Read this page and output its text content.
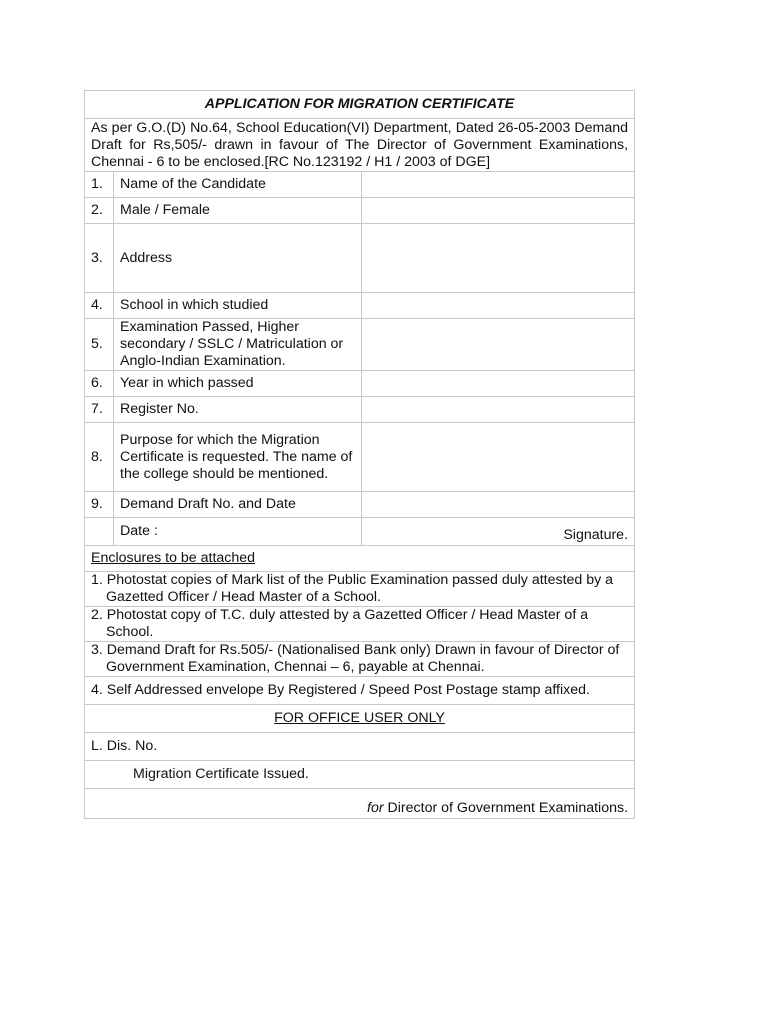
APPLICATION FOR MIGRATION CERTIFICATE		
As per G.O.(D) No.64, School Education(VI) Department, Dated 26-05-2003 Demand Draft for Rs,505/- drawn in favour of The Director of Government Examinations, Chennai - 6 to be enclosed.[RC No.123192 / H1 / 2003 of DGE]		
1.	Name of the Candidate	
2.	Male / Female	
3.	Address	
4.	School in which studied	
5.	Examination Passed, Higher secondary / SSLC / Matriculation or Anglo-Indian Examination.	
6.	Year in which passed	
7.	Register No.	
8.	Purpose for which the Migration Certificate is requested. The name of the college should be mentioned.	
9.	Demand Draft No. and Date	
	Date :	Signature.
Enclosures to be attached		
1. Photostat copies of Mark list of the Public Examination passed duly attested by a Gazetted Officer / Head Master of a School.		
2. Photostat copy of T.C. duly attested by a Gazetted Officer / Head Master of a School.		
3. Demand Draft for Rs.505/- (Nationalised Bank only) Drawn in favour of Director of Government Examination, Chennai – 6, payable at Chennai.		
4. Self Addressed envelope By Registered / Speed Post Postage stamp affixed.		
FOR OFFICE USER ONLY		
L. Dis. No.		
Migration Certificate Issued.		
for Director of Government Examinations.		
